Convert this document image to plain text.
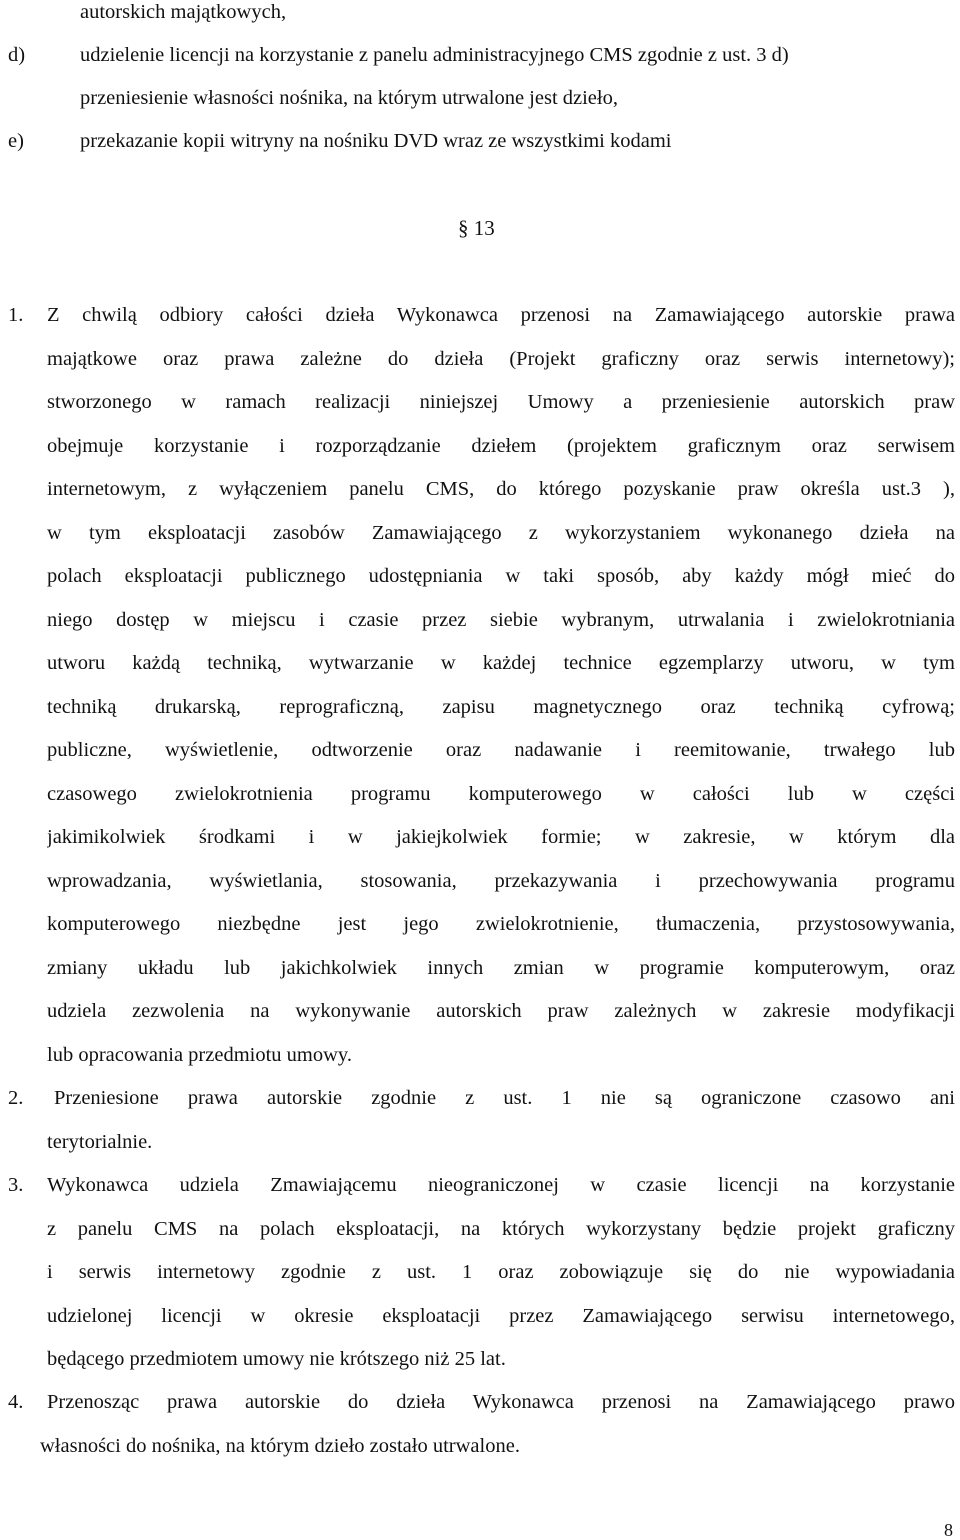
autorskich majątkowych,
d)	udzielenie licencji na korzystanie z panelu administracyjnego CMS zgodnie z ust. 3 d)
przeniesienie własności nośnika, na którym utrwalone jest dzieło,
e)	przekazanie kopii witryny na nośniku DVD wraz ze wszystkimi kodami
§ 13
1. Z chwilą odbiory całości dzieła Wykonawca przenosi na Zamawiającego autorskie prawa
majątkowe oraz prawa zależne do dzieła (Projekt graficzny oraz serwis internetowy);
stworzonego w ramach realizacji niniejszej Umowy a przeniesienie autorskich praw
obejmuje korzystanie i rozporządzanie dziełem (projektem graficznym oraz serwisem
internetowym, z wyłączeniem panelu CMS, do którego pozyskanie praw określa ust.3 ),
w tym eksploatacji zasobów Zamawiającego z wykorzystaniem wykonanego dzieła na
polach eksploatacji publicznego udostępniania w taki sposób, aby każdy mógł mieć do
niego dostęp w miejscu i czasie przez siebie wybranym, utrwalania i zwielokrotniania
utworu każdą techniką, wytwarzanie w każdej technice egzemplarzy utworu, w tym
techniką drukarską, reprograficzną, zapisu magnetycznego oraz techniką cyfrową;
publiczne, wyświetlenie, odtworzenie oraz nadawanie i reemitowanie, trwałego lub
czasowego zwielokrotnienia programu komputerowego w całości lub w części
jakimikolwiek środkami i w jakiejkolwiek formie; w zakresie, w którym dla
wprowadzania, wyświetlania, stosowania, przekazywania i przechowywania programu
komputerowego niezbędne jest jego zwielokrotnienie, tłumaczenia, przystosowywania,
zmiany układu lub jakichkolwiek innych zmian w programie komputerowym, oraz
udziela zezwolenia na wykonywanie autorskich praw zależnych w zakresie modyfikacji
lub opracowania przedmiotu umowy.
2. Przeniesione prawa autorskie zgodnie z ust. 1 nie są ograniczone czasowo ani
terytorialnie.
3. Wykonawca udziela Zmawiającemu nieograniczonej w czasie licencji na korzystanie
z panelu CMS na polach eksploatacji, na których wykorzystany będzie projekt graficzny
i serwis internetowy zgodnie z ust. 1 oraz zobowiązuje się do nie wypowiadania
udzielonej licencji w okresie eksploatacji przez Zamawiającego serwisu internetowego,
będącego przedmiotem umowy nie krótszego niż 25 lat.
4. Przenosząc prawa autorskie do dzieła Wykonawca przenosi na Zamawiającego prawo
własności do nośnika, na którym dzieło zostało utrwalone.
8
